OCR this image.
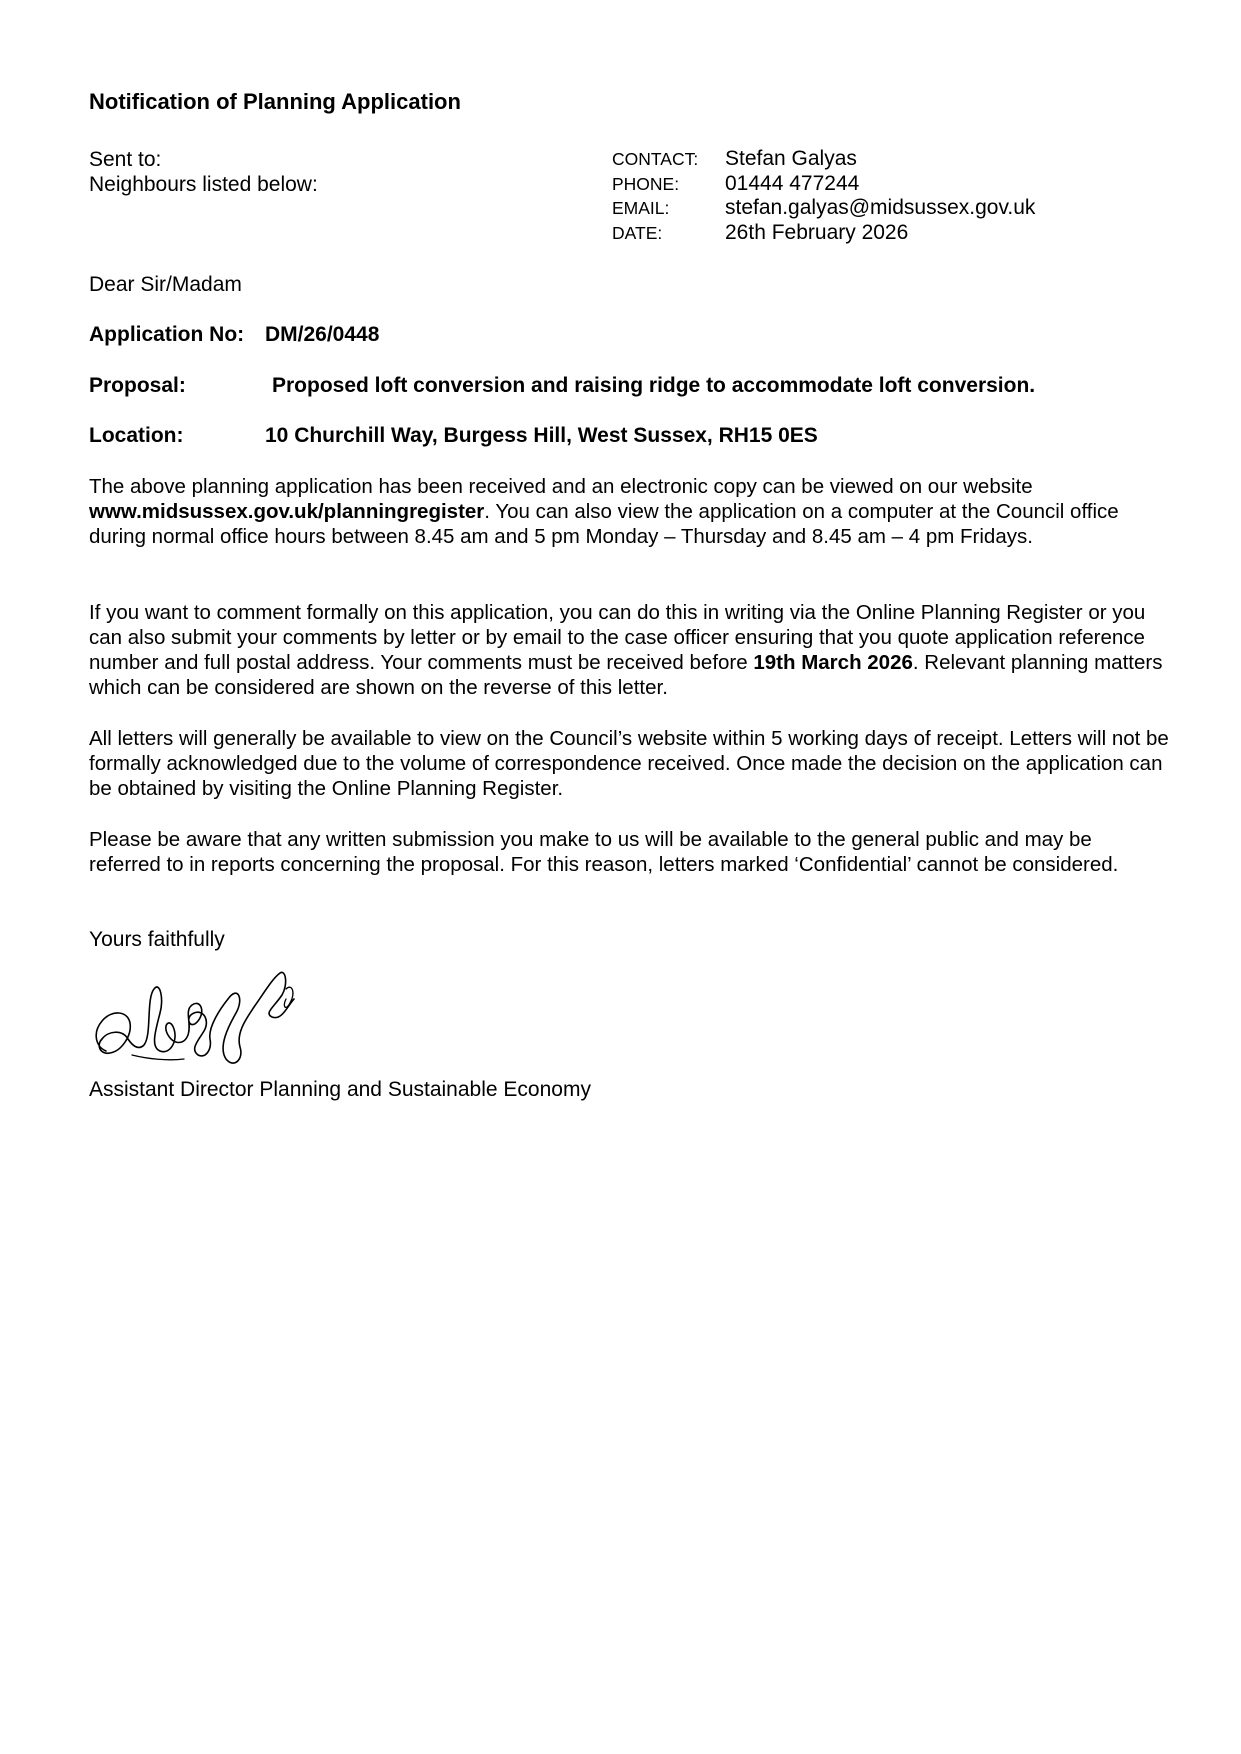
Notification of Planning Application
Sent to:
Neighbours listed below:
CONTACT:	Stefan Galyas
PHONE:	01444 477244
EMAIL:	stefan.galyas@midsussex.gov.uk
DATE:	26th February 2026
Dear Sir/Madam
Application No: DM/26/0448
Proposal:	Proposed loft conversion and raising ridge to accommodate loft conversion.
Location:	10 Churchill Way, Burgess Hill, West Sussex, RH15 0ES
The above planning application has been received and an electronic copy can be viewed on our website www.midsussex.gov.uk/planningregister. You can also view the application on a computer at the Council office during normal office hours between 8.45 am and 5 pm Monday – Thursday and 8.45 am – 4 pm Fridays.
If you want to comment formally on this application, you can do this in writing via the Online Planning Register or you can also submit your comments by letter or by email to the case officer ensuring that you quote application reference number and full postal address. Your comments must be received before 19th March 2026. Relevant planning matters which can be considered are shown on the reverse of this letter.
All letters will generally be available to view on the Council’s website within 5 working days of receipt. Letters will not be formally acknowledged due to the volume of correspondence received. Once made the decision on the application can be obtained by visiting the Online Planning Register.
Please be aware that any written submission you make to us will be available to the general public and may be referred to in reports concerning the proposal. For this reason, letters marked ‘Confidential’ cannot be considered.
Yours faithfully
Assistant Director Planning and Sustainable Economy
